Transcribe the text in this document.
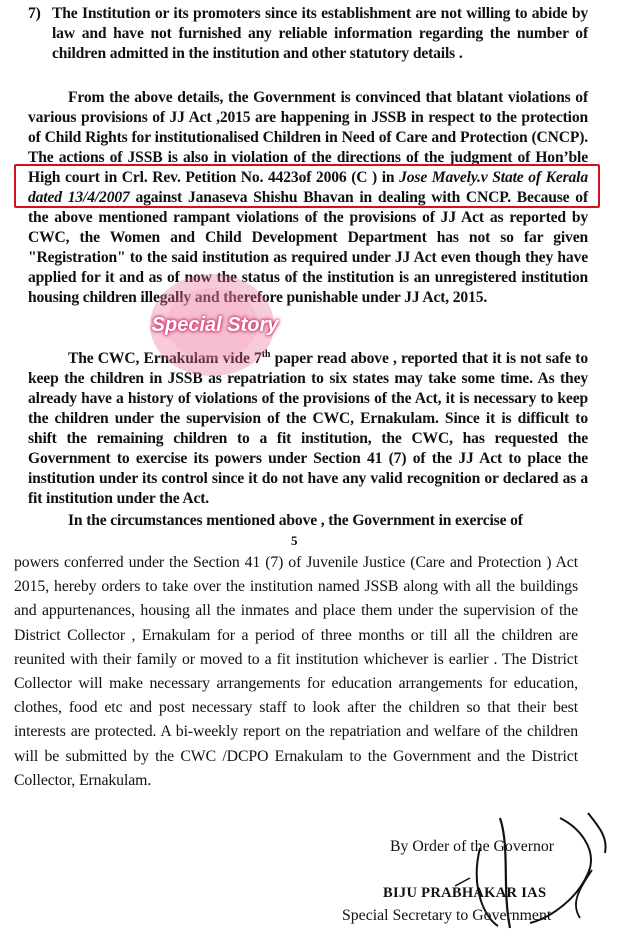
7) The Institution or its promoters since its establishment are not willing to abide by law and have not furnished any reliable information regarding the number of children admitted in the institution and other statutory details .
From the above details, the Government is convinced that blatant violations of various provisions of JJ Act ,2015 are happening in JSSB in respect to the protection of Child Rights for institutionalised Children in Need of Care and Protection (CNCP). The actions of JSSB is also in violation of the directions of the judgment of Hon’ble High court in Crl. Rev. Petition No. 4423of 2006 (C ) in Jose Mavely.v State of Kerala dated 13/4/2007 against Janaseva Shishu Bhavan in dealing with CNCP. Because of the above mentioned rampant violations of the provisions of JJ Act as reported by CWC, the Women and Child Development Department has not so far given "Registration" to the said institution as required under JJ Act even though they have applied for it and as of now the status of the institution is an unregistered institution housing children illegally and therefore punishable under JJ Act, 2015.
The CWC, Ernakulam vide 7th paper read above , reported that it is not safe to keep the children in JSSB as repatriation to six states may take some time. As they already have a history of violations of the provisions of the Act, it is necessary to keep the children under the supervision of the CWC, Ernakulam. Since it is difficult to shift the remaining children to a fit institution, the CWC, has requested the Government to exercise its powers under Section 41 (7) of the JJ Act to place the institution under its control since it do not have any valid recognition or declared as a fit institution under the Act.
In the circumstances mentioned above , the Government in exercise of
5
powers conferred under the Section 41 (7) of Juvenile Justice (Care and Protection ) Act 2015, hereby orders to take over the institution named JSSB along with all the buildings and appurtenances, housing all the inmates and place them under the supervision of the District Collector , Ernakulam for a period of three months or till all the children are reunited with their family or moved to a fit institution whichever is earlier . The District Collector will make necessary arrangements for education arrangements for education, clothes, food etc and post necessary staff to look after the children so that their best interests are protected. A bi-weekly report on the repatriation and welfare of the children will be submitted by the CWC /DCPO Ernakulam to the Government and the District Collector, Ernakulam.
Special Story
By Order of the Governor
BIJU PRABHAKAR IAS
Special Secretary to Government
